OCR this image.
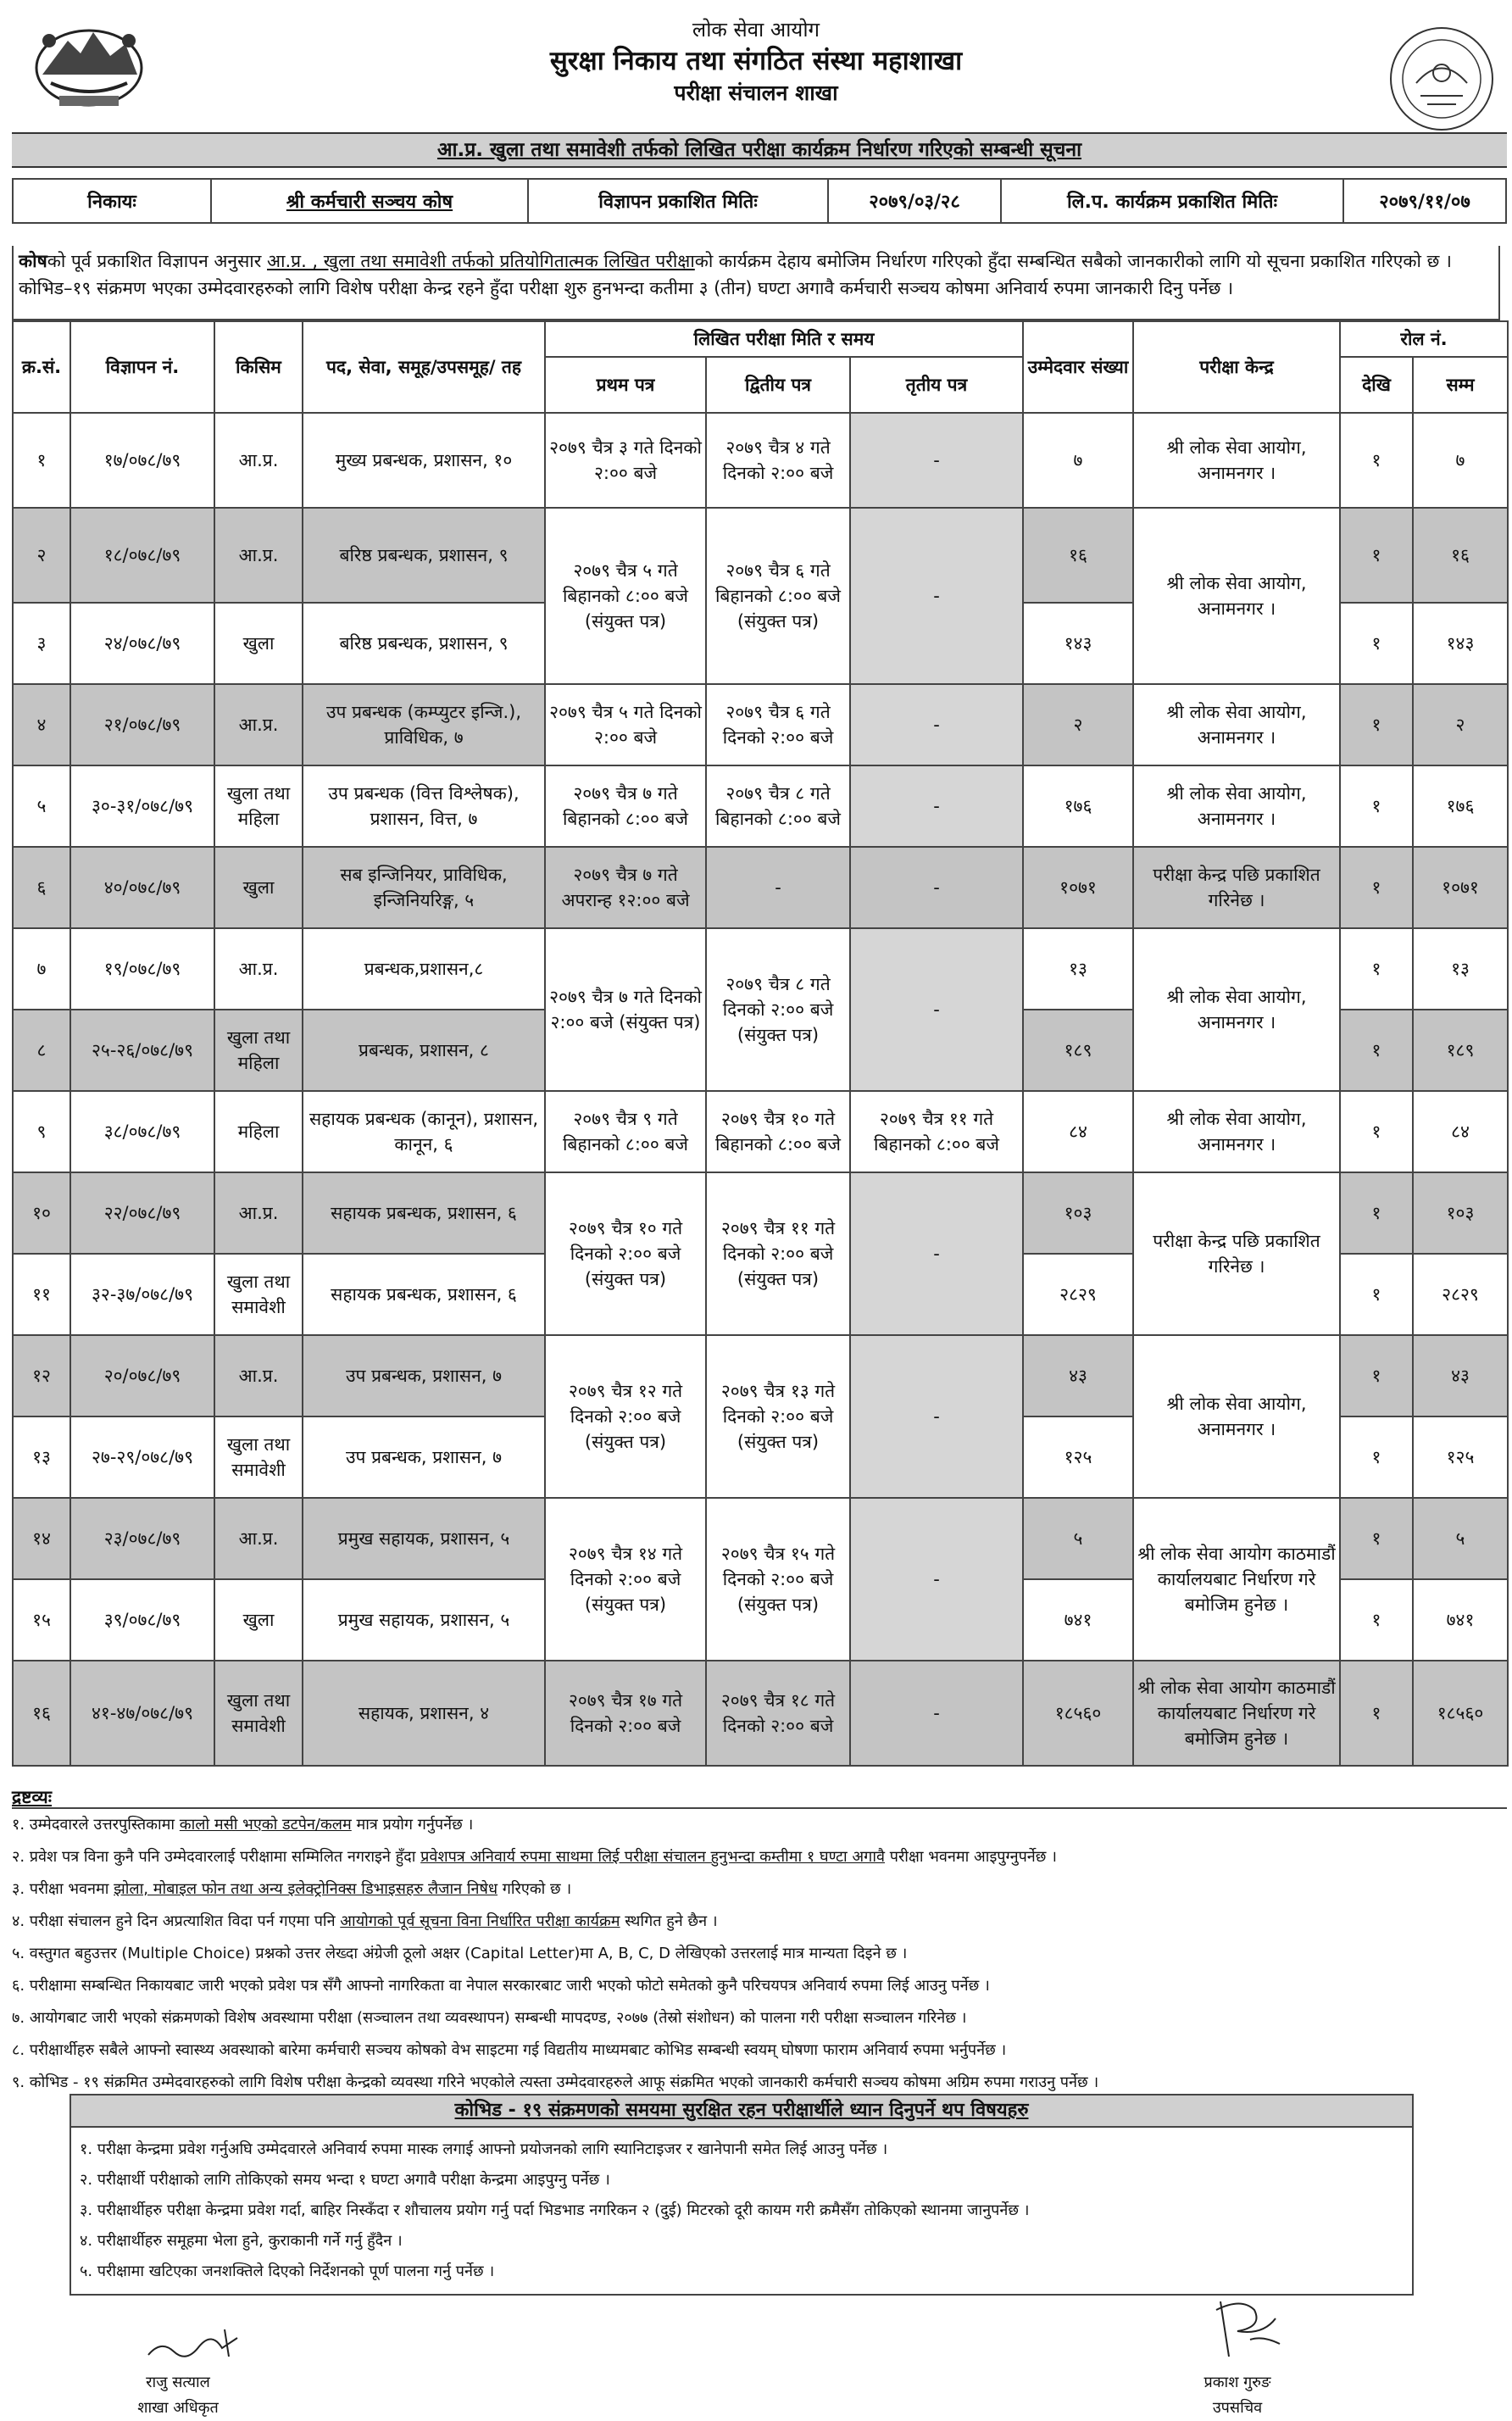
लोक सेवा आयोग
सुरक्षा निकाय तथा संगठित संस्था महाशाखा
परीक्षा संचालन शाखा
आ.प्र. खुला तथा समावेशी तर्फको लिखित परीक्षा कार्यक्रम निर्धारण गरिएको सम्बन्धी सूचना
निकायः	श्री कर्मचारी सञ्चय कोष	विज्ञापन प्रकाशित मितिः	२०७९/०३/२८	लि.प. कार्यक्रम प्रकाशित मितिः	२०७९/११/०७
कोषको पूर्व प्रकाशित विज्ञापन अनुसार आ.प्र. , खुला तथा समावेशी तर्फको प्रतियोगितात्मक लिखित परीक्षाको कार्यक्रम देहाय बमोजिम निर्धारण गरिएको हुँदा सम्बन्धित सबैको जानकारीको लागि यो सूचना प्रकाशित गरिएको छ । कोभिड–१९ संक्रमण भएका उम्मेदवारहरुको लागि विशेष परीक्षा केन्द्र रहने हुँदा परीक्षा शुरु हुनभन्दा कतीमा ३ (तीन) घण्टा अगावै कर्मचारी सञ्चय कोषमा अनिवार्य रुपमा जानकारी दिनु पर्नेछ ।
क्र.सं.	विज्ञापन नं.	किसिम	पद, सेवा, समूह/उपसमूह/ तह	लिखित परीक्षा मिति र समय			उम्मेदवार संख्या	परीक्षा केन्द्र	रोल नं.	
				प्रथम पत्र	द्वितीय पत्र	तृतीय पत्र			देखि	सम्म
१	१७/०७८/७९	आ.प्र.	मुख्य प्रबन्धक, प्रशासन, १०	२०७९ चैत्र ३ गते दिनको २:०० बजे	२०७९ चैत्र ४ गते दिनको २:०० बजे	-	७	श्री लोक सेवा आयोग, अनामनगर ।	१	७
२	१८/०७८/७९	आ.प्र.	बरिष्ठ प्रबन्धक, प्रशासन, ९	२०७९ चैत्र ५ गते बिहानको ८:०० बजे (संयुक्त पत्र)	२०७९ चैत्र ६ गते बिहानको ८:०० बजे (संयुक्त पत्र)	-	१६	श्री लोक सेवा आयोग, अनामनगर ।	१	१६
३	२४/०७८/७९	खुला	बरिष्ठ प्रबन्धक, प्रशासन, ९				१४३		१	१४३
४	२१/०७८/७९	आ.प्र.	उप प्रबन्धक (कम्प्युटर इन्जि.), प्राविधिक, ७	२०७९ चैत्र ५ गते दिनको २:०० बजे	२०७९ चैत्र ६ गते दिनको २:०० बजे	-	२	श्री लोक सेवा आयोग, अनामनगर ।	१	२
५	३०-३१/०७८/७९	खुला तथा महिला	उप प्रबन्धक (वित्त विश्लेषक), प्रशासन, वित्त, ७	२०७९ चैत्र ७ गते बिहानको ८:०० बजे	२०७९ चैत्र ८ गते बिहानको ८:०० बजे	-	१७६	श्री लोक सेवा आयोग, अनामनगर ।	१	१७६
६	४०/०७८/७९	खुला	सब इन्जिनियर, प्राविधिक, इन्जिनियरिङ्ग, ५	२०७९ चैत्र ७ गते अपरान्ह १२:०० बजे	-	-	१०७१	परीक्षा केन्द्र पछि प्रकाशित गरिनेछ ।	१	१०७१
७	१९/०७८/७९	आ.प्र.	प्रबन्धक,प्रशासन,८	२०७९ चैत्र ७ गते दिनको २:०० बजे (संयुक्त पत्र)	२०७९ चैत्र ८ गते दिनको २:०० बजे (संयुक्त पत्र)	-	१३	श्री लोक सेवा आयोग, अनामनगर ।	१	१३
८	२५-२६/०७८/७९	खुला तथा महिला	प्रबन्धक, प्रशासन, ८				१८९		१	१८९
९	३८/०७८/७९	महिला	सहायक प्रबन्धक (कानून), प्रशासन, कानून, ६	२०७९ चैत्र ९ गते बिहानको ८:०० बजे	२०७९ चैत्र १० गते बिहानको ८:०० बजे	२०७९ चैत्र ११ गते बिहानको ८:०० बजे	८४	श्री लोक सेवा आयोग, अनामनगर ।	१	८४
१०	२२/०७८/७९	आ.प्र.	सहायक प्रबन्धक, प्रशासन, ६	२०७९ चैत्र १० गते दिनको २:०० बजे (संयुक्त पत्र)	२०७९ चैत्र ११ गते दिनको २:०० बजे (संयुक्त पत्र)	-	१०३	परीक्षा केन्द्र पछि प्रकाशित गरिनेछ ।	१	१०३
११	३२-३७/०७८/७९	खुला तथा समावेशी	सहायक प्रबन्धक, प्रशासन, ६				२८२९		१	२८२९
१२	२०/०७८/७९	आ.प्र.	उप प्रबन्धक, प्रशासन, ७	२०७९ चैत्र १२ गते दिनको २:०० बजे (संयुक्त पत्र)	२०७९ चैत्र १३ गते दिनको २:०० बजे (संयुक्त पत्र)	-	४३	श्री लोक सेवा आयोग, अनामनगर ।	१	४३
१३	२७-२९/०७८/७९	खुला तथा समावेशी	उप प्रबन्धक, प्रशासन, ७				१२५		१	१२५
१४	२३/०७८/७९	आ.प्र.	प्रमुख सहायक, प्रशासन, ५	२०७९ चैत्र १४ गते दिनको २:०० बजे (संयुक्त पत्र)	२०७९ चैत्र १५ गते दिनको २:०० बजे (संयुक्त पत्र)	-	५	श्री लोक सेवा आयोग काठमाडौं कार्यालयबाट निर्धारण गरे बमोजिम हुनेछ ।	१	५
१५	३९/०७८/७९	खुला	प्रमुख सहायक, प्रशासन, ५				७४१		१	७४१
१६	४१-४७/०७८/७९	खुला तथा समावेशी	सहायक, प्रशासन, ४	२०७९ चैत्र १७ गते दिनको २:०० बजे	२०७९ चैत्र १८ गते दिनको २:०० बजे	-	१८५६०	श्री लोक सेवा आयोग काठमाडौं कार्यालयबाट निर्धारण गरे बमोजिम हुनेछ ।	१	१८५६०
द्रष्टव्यः
१. उम्मेदवारले उत्तरपुस्तिकामा कालो मसी भएको डटपेन/कलम मात्र प्रयोग गर्नुपर्नेछ ।
२. प्रवेश पत्र विना कुनै पनि उम्मेदवारलाई परीक्षामा सम्मिलित नगराइने हुँदा प्रवेशपत्र अनिवार्य रुपमा साथमा लिई परीक्षा संचालन हुनुभन्दा कम्तीमा १ घण्टा अगावै परीक्षा भवनमा आइपुग्नुपर्नेछ ।
३. परीक्षा भवनमा झोला, मोबाइल फोन तथा अन्य इलेक्ट्रोनिक्स डिभाइसहरु लैजान निषेध गरिएको छ ।
४. परीक्षा संचालन हुने दिन अप्रत्याशित विदा पर्न गएमा पनि आयोगको पूर्व सूचना विना निर्धारित परीक्षा कार्यक्रम स्थगित हुने छैन ।
५. वस्तुगत बहुउत्तर (Multiple Choice) प्रश्नको उत्तर लेख्दा अंग्रेजी ठूलो अक्षर (Capital Letter)मा A, B, C, D लेखिएको उत्तरलाई मात्र मान्यता दिइने छ ।
६. परीक्षामा सम्बन्धित निकायबाट जारी भएको प्रवेश पत्र सँगै आफ्नो नागरिकता वा नेपाल सरकारबाट जारी भएको फोटो समेतको कुनै परिचयपत्र अनिवार्य रुपमा लिई आउनु पर्नेछ ।
७. आयोगबाट जारी भएको संक्रमणको विशेष अवस्थामा परीक्षा (सञ्चालन तथा व्यवस्थापन) सम्बन्धी मापदण्ड, २०७७ (तेस्रो संशोधन) को पालना गरी परीक्षा सञ्चालन गरिनेछ ।
८. परीक्षार्थीहरु सबैले आफ्नो स्वास्थ्य अवस्थाको बारेमा कर्मचारी सञ्चय कोषको वेभ साइटमा गई विद्यतीय माध्यमबाट कोभिड सम्बन्धी स्वयम् घोषणा फाराम अनिवार्य रुपमा भर्नुपर्नेछ ।
९. कोभिड - १९ संक्रमित उम्मेदवारहरुको लागि विशेष परीक्षा केन्द्रको व्यवस्था गरिने भएकोले त्यस्ता उम्मेदवारहरुले आफू संक्रमित भएको जानकारी कर्मचारी सञ्चय कोषमा अग्रिम रुपमा गराउनु पर्नेछ ।
कोभिड - १९ संक्रमणको समयमा सुरक्षित रहन परीक्षार्थीले ध्यान दिनुपर्ने थप विषयहरु
१. परीक्षा केन्द्रमा प्रवेश गर्नुअघि उम्मेदवारले अनिवार्य रुपमा मास्क लगाई आफ्नो प्रयोजनको लागि स्यानिटाइजर र खानेपानी समेत लिई आउनु पर्नेछ ।
२. परीक्षार्थी परीक्षाको लागि तोकिएको समय भन्दा १ घण्टा अगावै परीक्षा केन्द्रमा आइपुग्नु पर्नेछ ।
३. परीक्षार्थीहरु परीक्षा केन्द्रमा प्रवेश गर्दा, बाहिर निस्कँदा र शौचालय प्रयोग गर्नु पर्दा भिडभाड नगरिकन २ (दुई) मिटरको दूरी कायम गरी क्रमैसँग तोकिएको स्थानमा जानुपर्नेछ ।
४. परीक्षार्थीहरु समूहमा भेला हुने, कुराकानी गर्ने गर्नु हुँदैन ।
५. परीक्षामा खटिएका जनशक्तिले दिएको निर्देशनको पूर्ण पालना गर्नु पर्नेछ ।
राजु सत्याल
शाखा अधिकृत
प्रकाश गुरुङ
उपसचिव
